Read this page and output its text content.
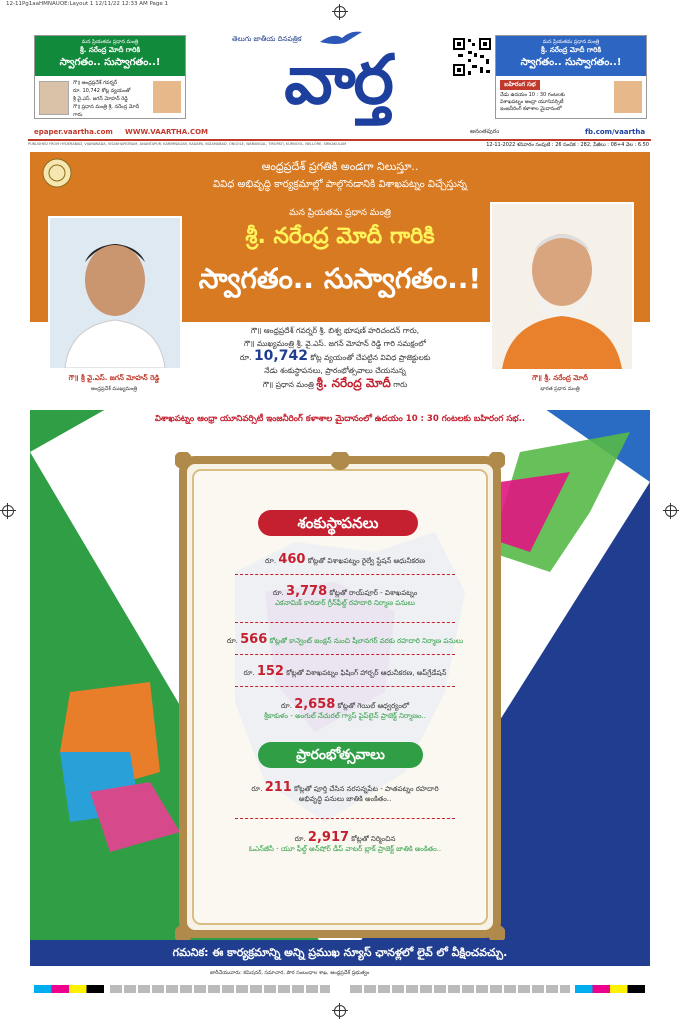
12-11Pg1aaHMNAUOE:Layout 1 12/11/22 12:33 AM Page 1
మన ప్రియతమ ప్రధాన మంత్రి
శ్రీ. నరేంద్ర మోదీ గారికి
స్వాగతం.. సుస్వాగతం..!
గౌ॥ ఆంధ్రప్రదేశ్ గవర్నర్
రూ. 10,742 కోట్ల వ్యయంతో
శ్రీ వై.ఎస్. జగన్ మోహన్ రెడ్డి
గౌ॥ ప్రధాన మంత్రి శ్రీ. నరేంద్ర మోదీ గారు
మన ప్రియతమ ప్రధాన మంత్రి
శ్రీ. నరేంద్ర మోదీ గారికి
స్వాగతం.. సుస్వాగతం..!
బహిరంగ సభ
నేడు ఉదయం 10 : 30 గంటలకు
విశాఖపట్నం ఆంధ్రా యూనివర్సిటీ
ఇంజనీరింగ్ కళాశాల మైదానంలో
తెలుగు జాతీయ దినపత్రిక
వార్త
epaper.vaartha.com WWW.VAARTHA.COM	అనంతపురం	fb.com/vaartha
PUBLISHED FROM HYDERABAD, VIJAYAWADA, VISAKHAPATNAM, ANANTAPUR, KARIMNAGAR, KADAPA, NIZAMABAD, ONGOLE, WARANGAL, TIRUPATI, KURNOOL, NELLORE, SRIKAKULAM	12-11-2022 శనివారం సంపుటి : 26 సంచిక : 282, పేజీలు : 08+4 వెల : 6.50
ఆంధ్రప్రదేశ్ ప్రగతికి అండగా నిలుస్తూ..
వివిధ అభివృద్ధి కార్యక్రమాల్లో పాల్గొనడానికి విశాఖపట్నం విచ్చేస్తున్న
మన ప్రియతమ ప్రధాన మంత్రి
శ్రీ. నరేంద్ర మోదీ గారికి
స్వాగతం.. సుస్వాగతం..!
గౌ॥ శ్రీ వై.ఎస్. జగన్ మోహన్ రెడ్డి
ఆంధ్రప్రదేశ్ ముఖ్యమంత్రి
గౌ॥ శ్రీ. నరేంద్ర మోదీ
భారత ప్రధాన మంత్రి
గౌ॥ ఆంధ్రప్రదేశ్ గవర్నర్ శ్రీ. బిశ్వ భూషణ్ హరిచందన్ గారు,
గౌ॥ ముఖ్యమంత్రి శ్రీ. వై.ఎస్. జగన్ మోహన్ రెడ్డి గారి సమక్షంలో
రూ. 10,742 కోట్ల వ్యయంతో చేపట్టిన వివిధ ప్రాజెక్టులకు
నేడు శంకుస్థాపనలు, ప్రారంభోత్సవాలు చేయనున్న
గౌ॥ ప్రధాన మంత్రి శ్రీ. నరేంద్ర మోదీ గారు
విశాఖపట్నం ఆంధ్రా యూనివర్సిటీ ఇంజనీరింగ్ కళాశాల మైదానంలో ఉదయం 10 : 30 గంటలకు బహిరంగ సభ..
శంకుస్థాపనలు
రూ. 460 కోట్లతో విశాఖపట్నం రైల్వే స్టేషన్ ఆధునీకరణ
రూ. 3,778 కోట్లతో రాయ్‌పూర్ - విశాఖపట్నం
ఎకనామిక్ కారిడార్ గ్రీన్‌ఫీల్డ్ రహదారి నిర్మాణ పనులు
రూ. 566 కోట్లతో కాన్వెంట్ జంక్షన్ నుంచి షీలానగర్ వరకు రహదారి నిర్మాణ పనులు
రూ. 152 కోట్లతో విశాఖపట్నం ఫిషింగ్ హార్బర్ ఆధునీకరణ, అప్‌గ్రేడేషన్
రూ. 2,658 కోట్లతో గెయిల్ ఆధ్వర్యంలో
శ్రీకాకుళం - అంగుల్ నేచురల్ గ్యాస్ పైప్‌లైన్ ప్రాజెక్ట్ నిర్మాణం..
ప్రారంభోత్సవాలు
రూ. 211 కోట్లతో పూర్తి చేసిన నరసన్నపేట - పాతపట్నం రహదారి
అభివృద్ధి పనులు జాతికి అంకితం..
రూ. 2,917 కోట్లతో నిర్మించిన
ఓఎన్‌జీసీ - యూ ఫీల్డ్ ఆన్‌షోర్ డీప్ వాటర్ బ్లాక్ ప్రాజెక్ట్ జాతికి అంకితం..
గమనిక: ఈ కార్యక్రమాన్ని అన్ని ప్రముఖ న్యూస్ ఛానళ్లలో లైవ్ లో వీక్షించవచ్చు.
జారీచేయువారు: కమిషనర్, సమాచార, పౌర సంబంధాల శాఖ, ఆంధ్రప్రదేశ్ ప్రభుత్వం
